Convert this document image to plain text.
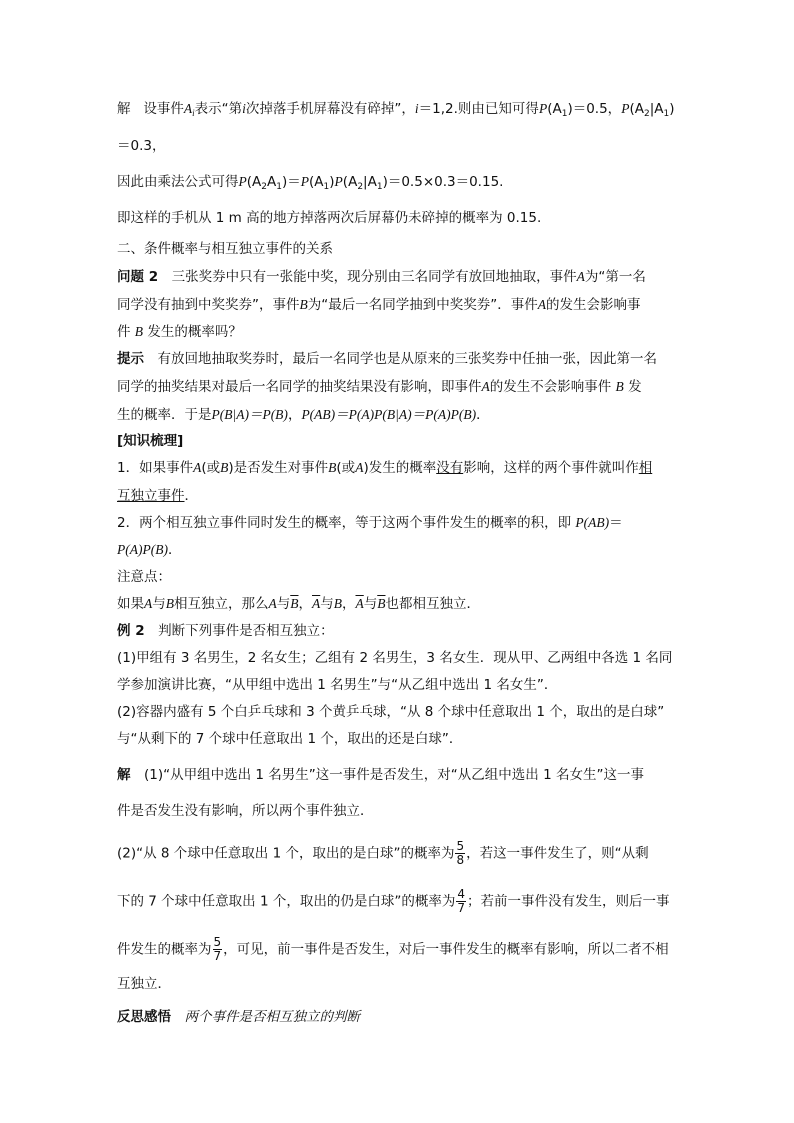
解 设事件$A_i$表示“第i次掉落手机屏幕没有碎掉”，i＝1,2.则由已知可得$P(A_1)=0.5$，$P(A_2|A_1)$
＝0.3，
因此由乘法公式可得$P(A_2A_1)=P(A_1)P(A_2|A_1)=0.5\times 0.3=0.15$.
即这样的手机从 1 m 高的地方掉落两次后屏幕仍未碎掉的概率为 0.15.
二、条件概率与相互独立事件的关系
问题 2　三张奖券中只有一张能中奖，现分别由三名同学有放回地抽取，事件A为“第一名
同学没有抽到中奖奖券”，事件B为“最后一名同学抽到中奖奖券”．事件A的发生会影响事
件 B 发生的概率吗？
提示　有放回地抽取奖券时，最后一名同学也是从原来的三张奖券中任抽一张，因此第一名
同学的抽奖结果对最后一名同学的抽奖结果没有影响，即事件A的发生不会影响事件 B 发
生的概率．于是P(B|A)＝P(B)，P(AB)＝P(A)P(B|A)＝P(A)P(B)．
[知识梳理]
1．如果事件A(或B)是否发生对事件B(或A)发生的概率没有影响，这样的两个事件就叫作相
互独立事件．
2．两个相互独立事件同时发生的概率，等于这两个事件发生的概率的积，即 P(AB)＝
P(A)P(B)．
注意点：
如果A与B相互独立，那么A与$\overline{B}$，$\overline{A}$与B，$\overline{A}$与$\overline{B}$也都相互独立．
例 2　判断下列事件是否相互独立：
(1)甲组有 3 名男生，2 名女生；乙组有 2 名男生，3 名女生．现从甲、乙两组中各选 1 名同
学参加演讲比赛，“从甲组中选出 1 名男生”与“从乙组中选出 1 名女生”．
(2)容器内盛有 5 个白乒乓球和 3 个黄乒乓球，“从 8 个球中任意取出 1 个，取出的是白球”
与“从剩下的 7 个球中任意取出 1 个，取出的还是白球”．
解　(1)“从甲组中选出 1 名男生”这一事件是否发生，对“从乙组中选出 1 名女生”这一事
件是否发生没有影响，所以两个事件独立．
(2)“从 8 个球中任意取出 1 个，取出的是白球”的概率为 $\frac{5}{8}$ ，若这一事件发生了，则“从剩
下的 7 个球中任意取出 1 个，取出的仍是白球”的概率为 $\frac{4}{7}$ ；若前一事件没有发生，则后一事
件发生的概率为 $\frac{5}{7}$ ，可见，前一事件是否发生，对后一事件发生的概率有影响，所以二者不相
互独立．
反思感悟　两个事件是否相互独立的判断
